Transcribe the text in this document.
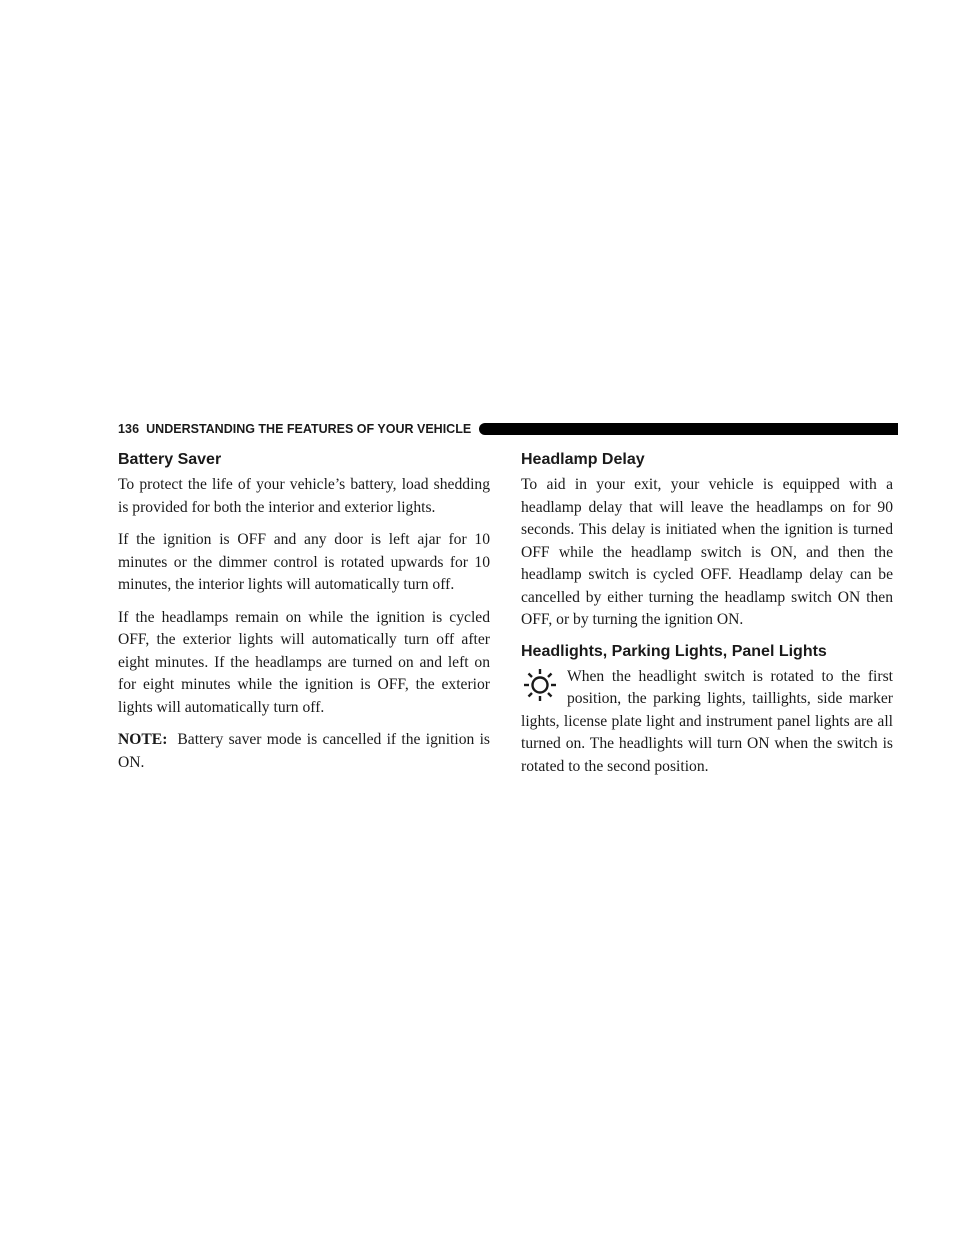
136 UNDERSTANDING THE FEATURES OF YOUR VEHICLE
Battery Saver

To protect the life of your vehicle’s battery, load shedding is provided for both the interior and exterior lights.

If the ignition is OFF and any door is left ajar for 10 minutes or the dimmer control is rotated upwards for 10 minutes, the interior lights will automatically turn off.

If the headlamps remain on while the ignition is cycled OFF, the exterior lights will automatically turn off after eight minutes. If the headlamps are turned on and left on for eight minutes while the ignition is OFF, the exterior lights will automatically turn off.

NOTE: Battery saver mode is cancelled if the ignition is ON.

Headlamp Delay

To aid in your exit, your vehicle is equipped with a headlamp delay that will leave the headlamps on for 90 seconds. This delay is initiated when the ignition is turned OFF while the headlamp switch is ON, and then the headlamp switch is cycled OFF. Headlamp delay can be cancelled by either turning the headlamp switch ON then OFF, or by turning the ignition ON.

Headlights, Parking Lights, Panel Lights

When the headlight switch is rotated to the first position, the parking lights, taillights, side marker lights, license plate light and instrument panel lights are all turned on. The headlights will turn ON when the switch is rotated to the second position.
